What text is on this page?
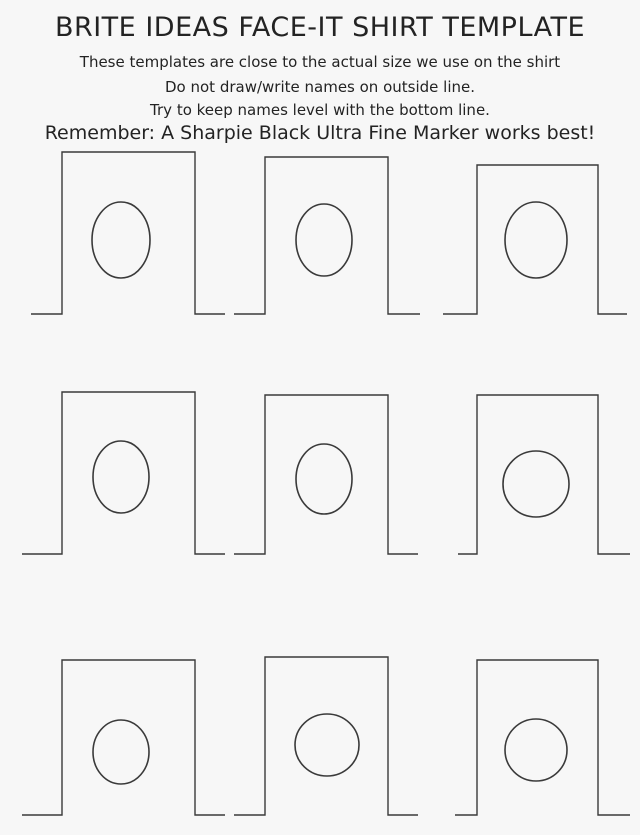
BRITE IDEAS FACE-IT SHIRT TEMPLATE
These templates are close to the actual size we use on the shirt
Do not draw/write names on outside line.
Try to keep names level with the bottom line.
Remember: A Sharpie Black Ultra Fine Marker works best!
